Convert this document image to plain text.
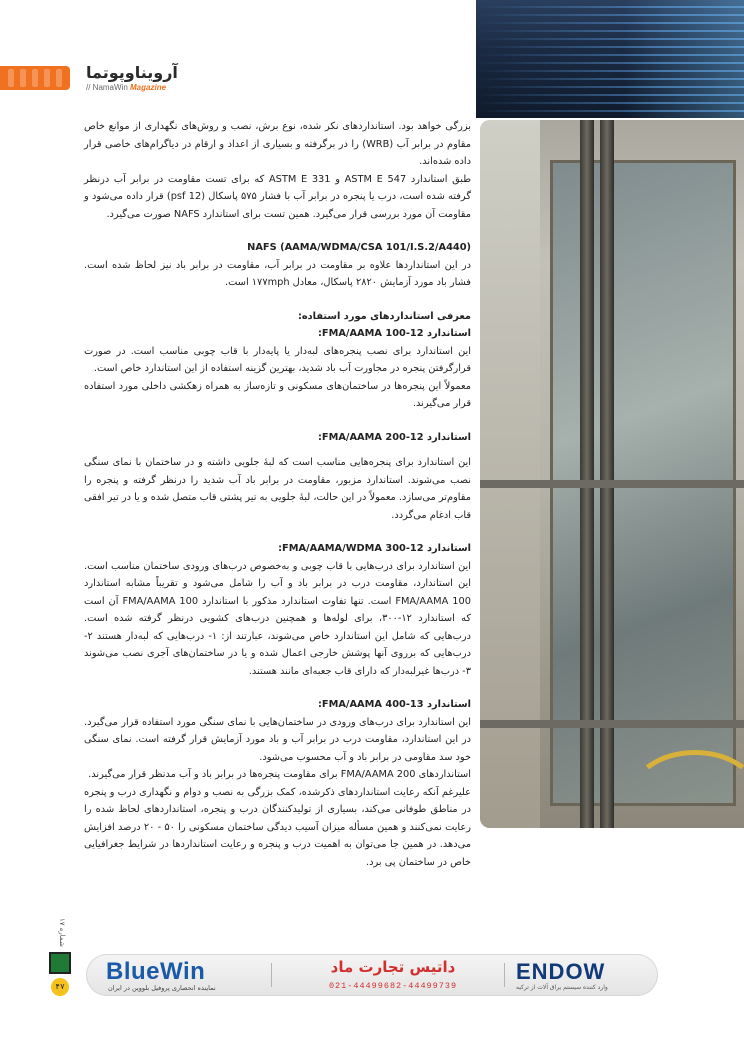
آرویناوپوتما
// NamaWin Magazine

بزرگی خواهد بود. استانداردهای نکر شده، نوع برش، نصب و روش‌های نگهداری از موانع خاص مقاوم در برابر آب (WRB) را در برگرفته و بسیاری از اعداد و ارقام در دیاگرام‌های خاصی قرار داده شده‌اند.

طبق استاندارد ASTM E 547 و ASTM E 331 که برای تست مقاومت در برابر آب درنظر گرفته شده است، درب یا پنجره در برابر آب با فشار ۵۷۵ پاسکال (12 psf) قرار داده می‌شود و مقاومت آن مورد بررسی قرار می‌گیرد. همین تست برای استاندارد NAFS صورت می‌گیرد.

NAFS (AAMA/WDMA/CSA 101/I.S.2/A440)

در این استانداردها علاوه بر مقاومت در برابر آب، مقاومت در برابر باد نیز لحاظ شده است. فشار باد مورد آزمایش ۲۸۲۰ پاسکال، معادل ۱۷۷mph است.

معرفی استانداردهای مورد استفاده:

استاندارد FMA/AAMA 100-12:

این استاندارد برای نصب پنجره‌های لبه‌دار یا پایه‌دار با قاب چوبی مناسب است. در صورت قرارگرفتن پنجره در مجاورت آب باد شدید، بهترین گزینه استفاده از این استاندارد خاص است.

معمولاً این پنجره‌ها در ساختمان‌های مسکونی و تازه‌ساز به همراه زهکشی داخلی مورد استفاده قرار می‌گیرند.

استاندارد FMA/AAMA 200-12:

این استاندارد برای پنجره‌هایی مناسب است که لبهٔ جلویی داشته و در ساختمان با نمای سنگی نصب می‌شوند. استاندارد مزبور، مقاومت در برابر باد آب شدید را درنظر گرفته و پنجره را مقاوم‌تر می‌سازد. معمولاً در این حالت، لبهٔ جلویی به تیر پشتی قاب متصل شده و یا در تیر افقی قاب ادغام می‌گردد.

استاندارد FMA/AAMA/WDMA 300-12:

این استاندارد برای درب‌هایی با قاب چوبی و به‌خصوص درب‌های ورودی ساختمان مناسب است. این استاندارد، مقاومت درب در برابر باد و آب را شامل می‌شود و تقریباً مشابه استاندارد FMA/AAMA 100 است. تنها تفاوت استاندارد مذکور با استاندارد FMA/AAMA 100 آن است که استاندارد ۱۲-۳۰۰، برای لوله‌ها و همچنین درب‌های کشویی درنظر گرفته شده است. درب‌هایی که شامل این استاندارد خاص می‌شوند، عبارتند از: ۱- درب‌هایی که لبه‌دار هستند ۲- درب‌هایی که برروی آنها پوشش خارجی اعمال شده و یا در ساختمان‌های آجری نصب می‌شوند ۳- درب‌ها غیرلبه‌دار که دارای قاب جعبه‌ای مانند هستند.

استاندارد FMA/AAMA 400-13:

این استاندارد برای درب‌های ورودی در ساختمان‌هایی با نمای سنگی مورد استفاده قرار می‌گیرد. در این استاندارد، مقاومت درب در برابر آب و باد مورد آزمایش قرار گرفته است. نمای سنگی خود سد مقاومی در برابر باد و آب محسوب می‌شود.

استانداردهای FMA/AAMA 200 برای مقاومت پنجره‌ها در برابر باد و آب مدنظر قرار می‌گیرند.

علیرغم آنکه رعایت استانداردهای ذکرشده، کمک بزرگی به نصب و دوام و نگهداری درب و پنجره در مناطق طوفانی می‌کند، بسیاری از تولیدکنندگان درب و پنجره، استانداردهای لحاظ شده را رعایت نمی‌کنند و همین مسأله میزان آسیب دیدگی ساختمان مسکونی را ۵۰ - ۲۰ درصد افزایش می‌دهد. در همین جا می‌توان به اهمیت درب و پنجره و رعایت استانداردها در شرایط جغرافیایی خاص در ساختمان پی برد.

شماره ۱۷
۴۷
BlueWin
نماینده انحصاری پروفیل بلووین در ایران
داتیس تجارت ماد
021-44499682-44499739
ENDOW
وارد کننده سیستم یراق آلات از ترکیه
